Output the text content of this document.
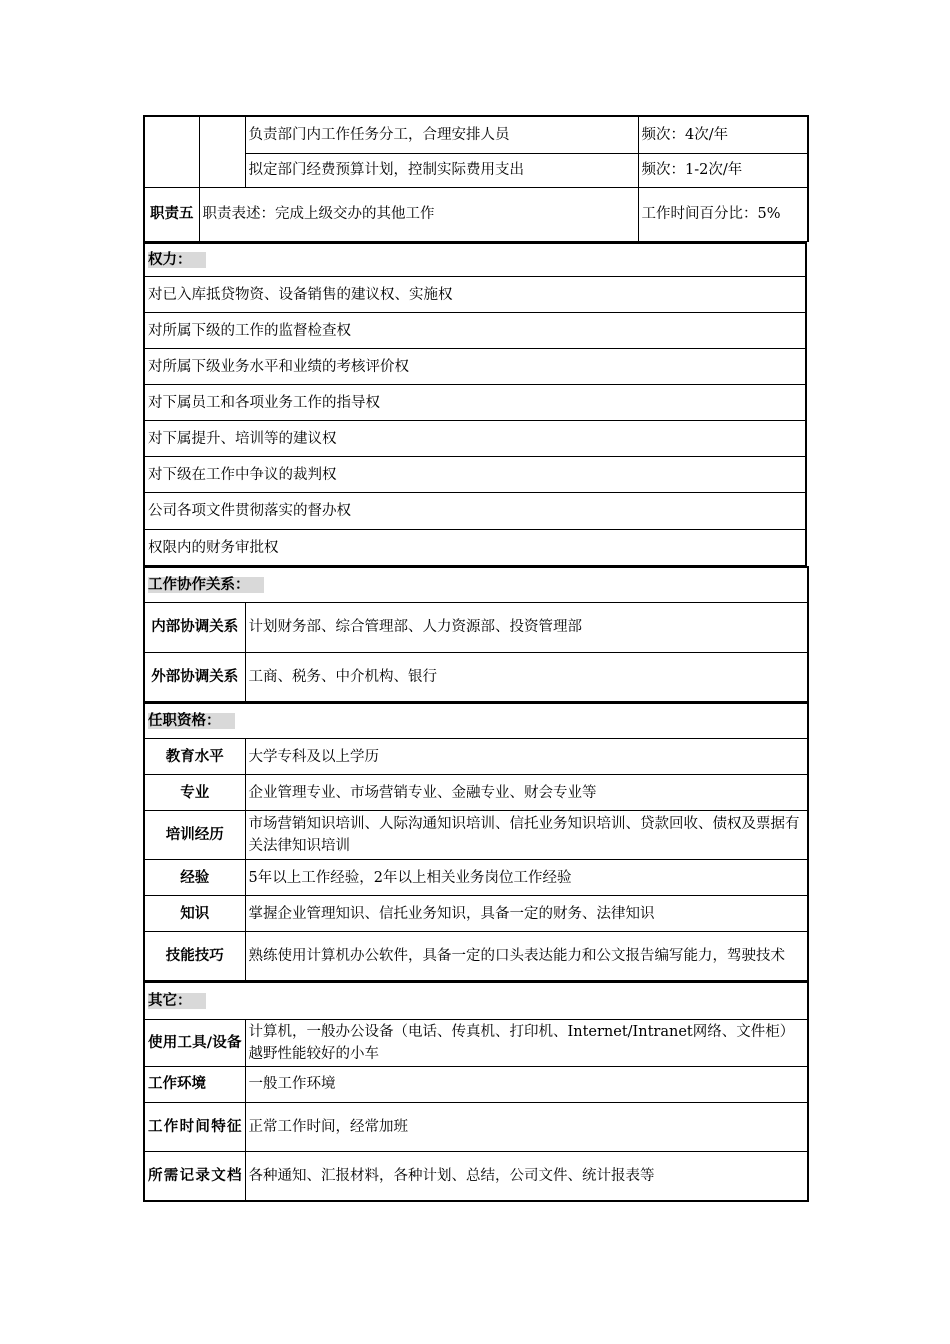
		负责部门内工作任务分工，合理安排人员	频次：4次/年
		拟定部门经费预算计划，控制实际费用支出	频次：1-2次/年
职责五	职责表述：完成上级交办的其他工作		工作时间百分比：5%
权力：
对已入库抵贷物资、设备销售的建议权、实施权
对所属下级的工作的监督检查权
对所属下级业务水平和业绩的考核评价权
对下属员工和各项业务工作的指导权
对下属提升、培训等的建议权
对下级在工作中争议的裁判权
公司各项文件贯彻落实的督办权
权限内的财务审批权
工作协作关系：	
内部协调关系	计划财务部、综合管理部、人力资源部、投资管理部
外部协调关系	工商、税务、中介机构、银行
任职资格：	
教育水平	大学专科及以上学历
专业	企业管理专业、市场营销专业、金融专业、财会专业等
培训经历	市场营销知识培训、人际沟通知识培训、信托业务知识培训、贷款回收、债权及票据有关法律知识培训
经验	5年以上工作经验，2年以上相关业务岗位工作经验
知识	掌握企业管理知识、信托业务知识，具备一定的财务、法律知识
技能技巧	熟练使用计算机办公软件，具备一定的口头表达能力和公文报告编写能力，驾驶技术
其它：	
使用工具/设备	计算机，一般办公设备（电话、传真机、打印机、Internet/Intranet网络、文件柜）越野性能较好的小车
工作环境	一般工作环境
工作时间特征	正常工作时间，经常加班
所需记录文档	各种通知、汇报材料，各种计划、总结，公司文件、统计报表等
